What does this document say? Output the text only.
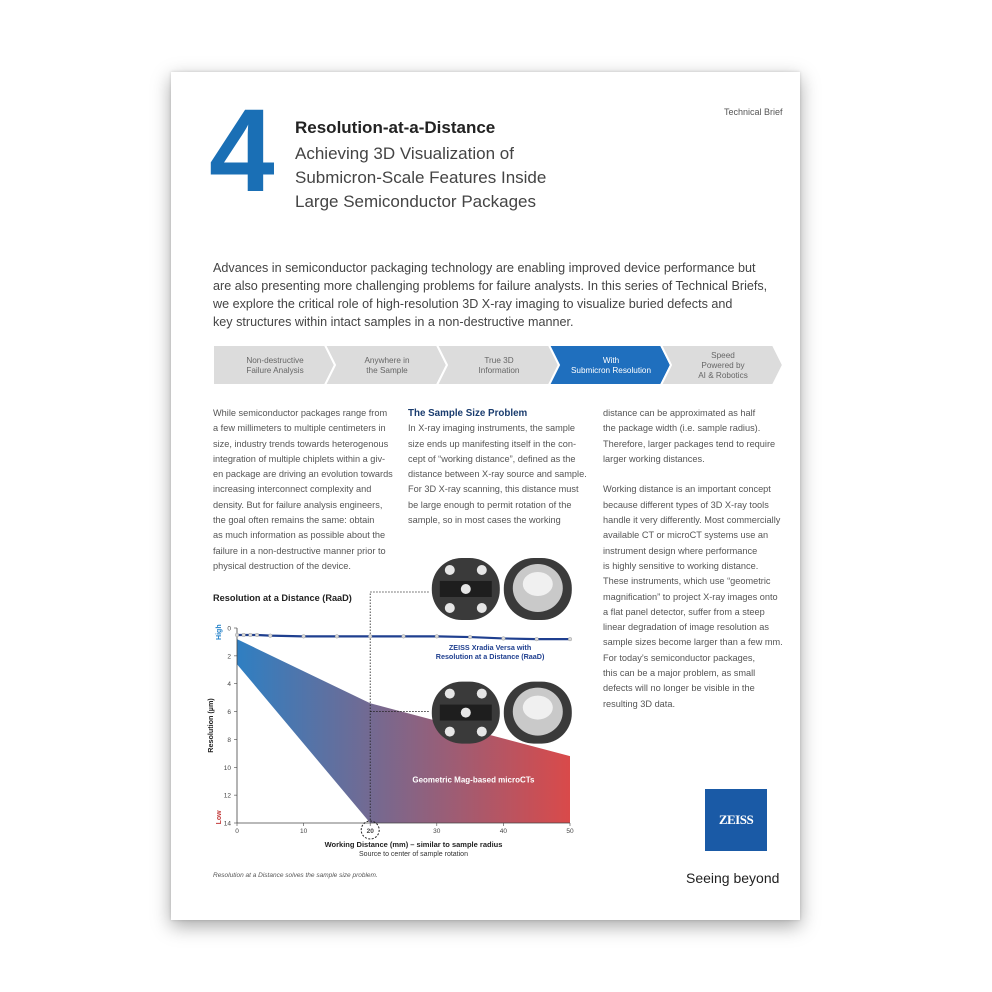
Technical Brief
4 Resolution-at-a-Distance
Achieving 3D Visualization of
Submicron-Scale Features Inside
Large Semiconductor Packages
Advances in semiconductor packaging technology are enabling improved device performance but
are also presenting more challenging problems for failure analysts. In this series of Technical Briefs,
we explore the critical role of high-resolution 3D X-ray imaging to visualize buried defects and
key structures within intact samples in a non-destructive manner.
Non-destructive
Failure Analysis
Anywhere in
the Sample
True 3D
Information
With
Submicron Resolution
Speed
Powered by
AI & Robotics
While semiconductor packages range from
a few millimeters to multiple centimeters in
size, industry trends towards heterogenous
integration of multiple chiplets within a giv-
en package are driving an evolution towards
increasing interconnect complexity and
density. But for failure analysis engineers,
the goal often remains the same: obtain
as much information as possible about the
failure in a non-destructive manner prior to
physical destruction of the device.
The Sample Size Problem
In X-ray imaging instruments, the sample
size ends up manifesting itself in the con-
cept of “working distance”, defined as the
distance between X-ray source and sample.
For 3D X-ray scanning, this distance must
be large enough to permit rotation of the
sample, so in most cases the working
distance can be approximated as half
the package width (i.e. sample radius).
Therefore, larger packages tend to require
larger working distances.

Working distance is an important concept
because different types of 3D X-ray tools
handle it very differently. Most commercially
available CT or microCT systems use an
instrument design where performance
is highly sensitive to working distance.
These instruments, which use “geometric
magnification” to project X-ray images onto
a flat panel detector, suffer from a steep
linear degradation of image resolution as
sample sizes become larger than a few mm.
For today’s semiconductor packages,
this can be a major problem, as small
defects will no longer be visible in the
resulting 3D data.
Resolution at a Distance (RaaD)
0
2
4
6
8
10
12
14
0	10	20	30	40	50
ZEISS Xradia Versa with
Resolution at a Distance (RaaD)
Geometric Mag-based microCTs
Working Distance (mm) – similar to sample radius
Source to center of sample rotation
Resolution (µm)
High
Low
Resolution at a Distance solves the sample size problem.
ZEISS
Seeing beyond
